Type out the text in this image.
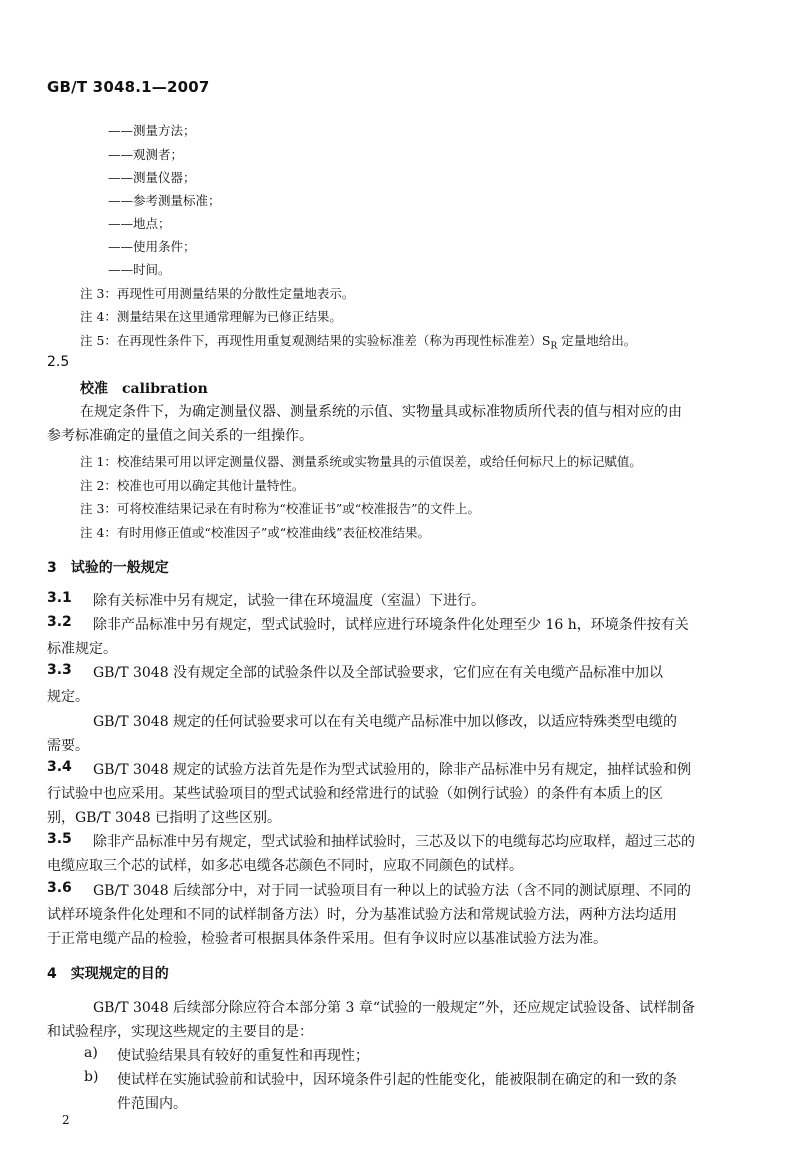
GB/T 3048.1—2007
——测量方法；
——观测者；
——测量仪器；
——参考测量标准；
——地点；
——使用条件；
——时间。
注 3：再现性可用测量结果的分散性定量地表示。
注 4：测量结果在这里通常理解为已修正结果。
注 5：在再现性条件下，再现性用重复观测结果的实验标准差（称为再现性标准差）$S_R$ 定量地给出。
2.5
校准　calibration
在规定条件下，为确定测量仪器、测量系统的示值、实物量具或标准物质所代表的值与相对应的由
参考标准确定的量值之间关系的一组操作。
注 1：校准结果可用以评定测量仪器、测量系统或实物量具的示值误差，或给任何标尺上的标记赋值。
注 2：校准也可用以确定其他计量特性。
注 3：可将校准结果记录在有时称为“校准证书”或“校准报告”的文件上。
注 4：有时用修正值或“校准因子”或“校准曲线”表征校准结果。
3　试验的一般规定
3.1 除有关标准中另有规定，试验一律在环境温度（室温）下进行。
3.2 除非产品标准中另有规定，型式试验时，试样应进行环境条件化处理至少 16 h，环境条件按有关
标准规定。
3.3 GB/T 3048 没有规定全部的试验条件以及全部试验要求，它们应在有关电缆产品标准中加以
规定。
GB/T 3048 规定的任何试验要求可以在有关电缆产品标准中加以修改，以适应特殊类型电缆的
需要。
3.4 GB/T 3048 规定的试验方法首先是作为型式试验用的，除非产品标准中另有规定，抽样试验和例
行试验中也应采用。某些试验项目的型式试验和经常进行的试验（如例行试验）的条件有本质上的区
别，GB/T 3048 已指明了这些区别。
3.5 除非产品标准中另有规定，型式试验和抽样试验时，三芯及以下的电缆每芯均应取样，超过三芯的
电缆应取三个芯的试样，如多芯电缆各芯颜色不同时，应取不同颜色的试样。
3.6 GB/T 3048 后续部分中，对于同一试验项目有一种以上的试验方法（含不同的测试原理、不同的
试样环境条件化处理和不同的试样制备方法）时，分为基准试验方法和常规试验方法，两种方法均适用
于正常电缆产品的检验，检验者可根据具体条件采用。但有争议时应以基准试验方法为准。
4　实现规定的目的
GB/T 3048 后续部分除应符合本部分第 3 章“试验的一般规定”外，还应规定试验设备、试样制备
和试验程序，实现这些规定的主要目的是：
a) 使试验结果具有较好的重复性和再现性；
b) 使试样在实施试验前和试验中，因环境条件引起的性能变化，能被限制在确定的和一致的条
件范围内。
2
